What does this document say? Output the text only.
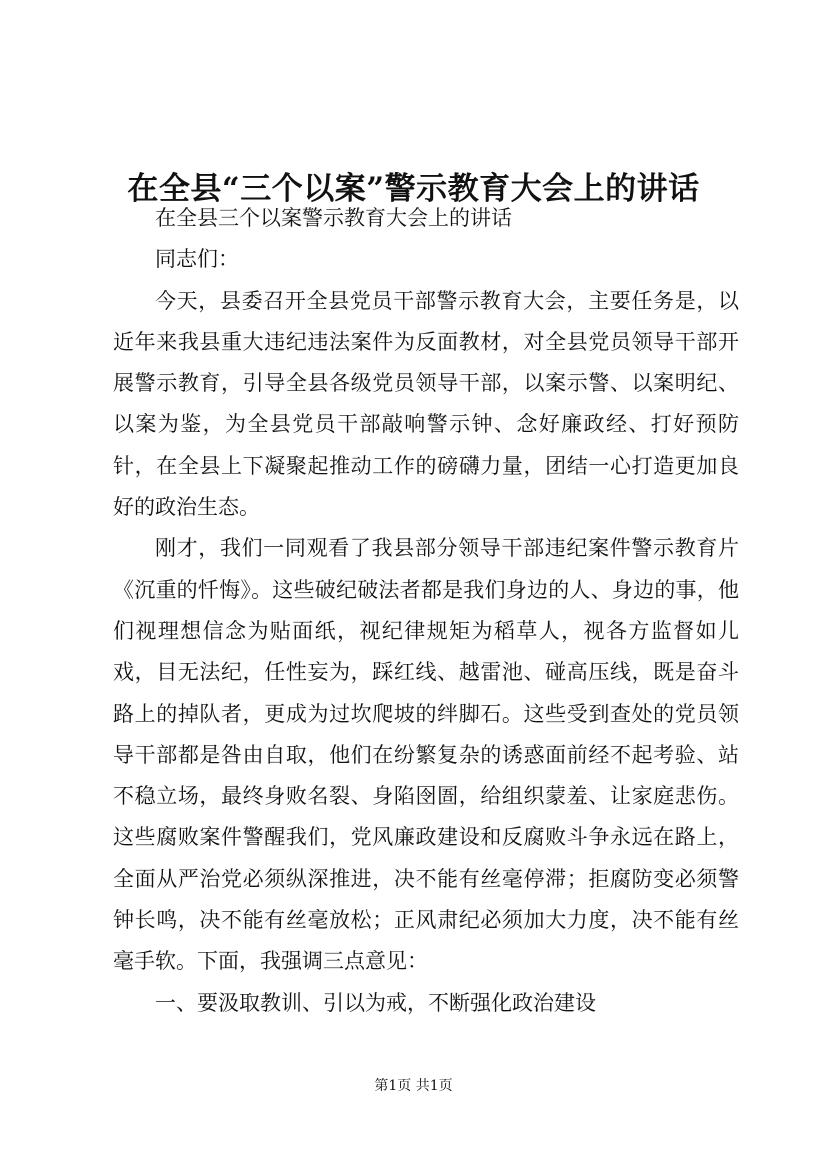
在全县“三个以案”警示教育大会上的讲话

在全县三个以案警示教育大会上的讲话

同志们：

今天，县委召开全县党员干部警示教育大会，主要任务是，以近年来我县重大违纪违法案件为反面教材，对全县党员领导干部开展警示教育，引导全县各级党员领导干部，以案示警、以案明纪、以案为鉴，为全县党员干部敲响警示钟、念好廉政经、打好预防针，在全县上下凝聚起推动工作的磅礴力量，团结一心打造更加良好的政治生态。

刚才，我们一同观看了我县部分领导干部违纪案件警示教育片《沉重的忏悔》。这些破纪破法者都是我们身边的人、身边的事，他们视理想信念为贴面纸，视纪律规矩为稻草人，视各方监督如儿戏，目无法纪，任性妄为，踩红线、越雷池、碰高压线，既是奋斗路上的掉队者，更成为过坎爬坡的绊脚石。这些受到查处的党员领导干部都是咎由自取，他们在纷繁复杂的诱惑面前经不起考验、站不稳立场，最终身败名裂、身陷囹圄，给组织蒙羞、让家庭悲伤。这些腐败案件警醒我们，党风廉政建设和反腐败斗争永远在路上，全面从严治党必须纵深推进，决不能有丝毫停滞；拒腐防变必须警钟长鸣，决不能有丝毫放松；正风肃纪必须加大力度，决不能有丝毫手软。下面，我强调三点意见：

一、要汲取教训、引以为戒，不断强化政治建设

第1页 共1页
